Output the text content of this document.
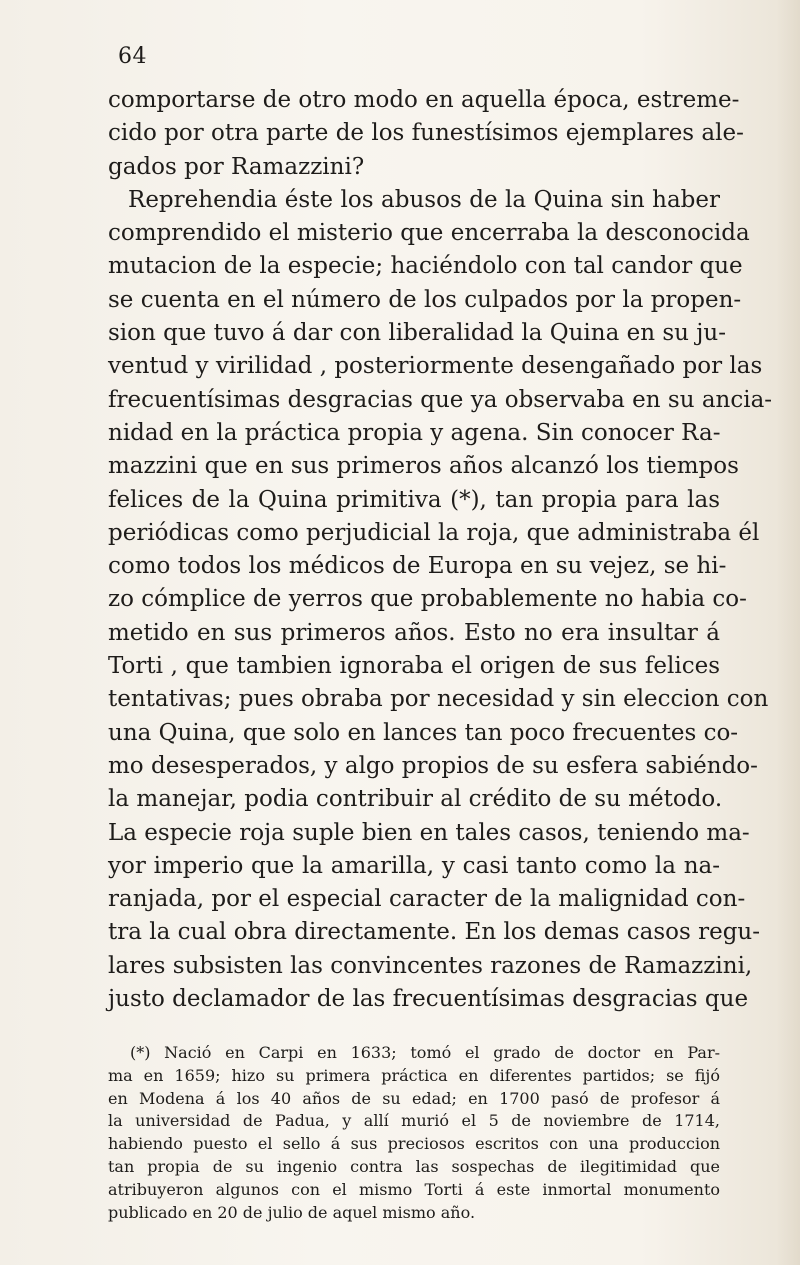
64
comportarse de otro modo en aquella época, estreme-
cido por otra parte de los funestísimos ejemplares ale-
gados por Ramazzini?
Reprehendia éste los abusos de la Quina sin haber
comprendido el misterio que encerraba la desconocida
mutacion de la especie; haciéndolo con tal candor que
se cuenta en el número de los culpados por la propen-
sion que tuvo á dar con liberalidad la Quina en su ju-
ventud y virilidad , posteriormente desengañado por las
frecuentísimas desgracias que ya observaba en su ancia-
nidad en la práctica propia y agena. Sin conocer Ra-
mazzini que en sus primeros años alcanzó los tiempos
felices de la Quina primitiva (*), tan propia para las
periódicas como perjudicial la roja, que administraba él
como todos los médicos de Europa en su vejez, se hi-
zo cómplice de yerros que probablemente no habia co-
metido en sus primeros años. Esto no era insultar á
Torti , que tambien ignoraba el origen de sus felices
tentativas; pues obraba por necesidad y sin eleccion con
una Quina, que solo en lances tan poco frecuentes co-
mo desesperados, y algo propios de su esfera sabiéndo-
la manejar, podia contribuir al crédito de su método.
La especie roja suple bien en tales casos, teniendo ma-
yor imperio que la amarilla, y casi tanto como la na-
ranjada, por el especial caracter de la malignidad con-
tra la cual obra directamente. En los demas casos regu-
lares subsisten las convincentes razones de Ramazzini,
justo declamador de las frecuentísimas desgracias que
(*) Nació en Carpi en 1633; tomó el grado de doctor en Par-
ma en 1659; hizo su primera práctica en diferentes partidos; se fijó
en Modena á los 40 años de su edad; en 1700 pasó de profesor á
la universidad de Padua, y allí murió el 5 de noviembre de 1714,
habiendo puesto el sello á sus preciosos escritos con una produccion
tan propia de su ingenio contra las sospechas de ilegitimidad que
atribuyeron algunos con el mismo Torti á este inmortal monumento
publicado en 20 de julio de aquel mismo año.
